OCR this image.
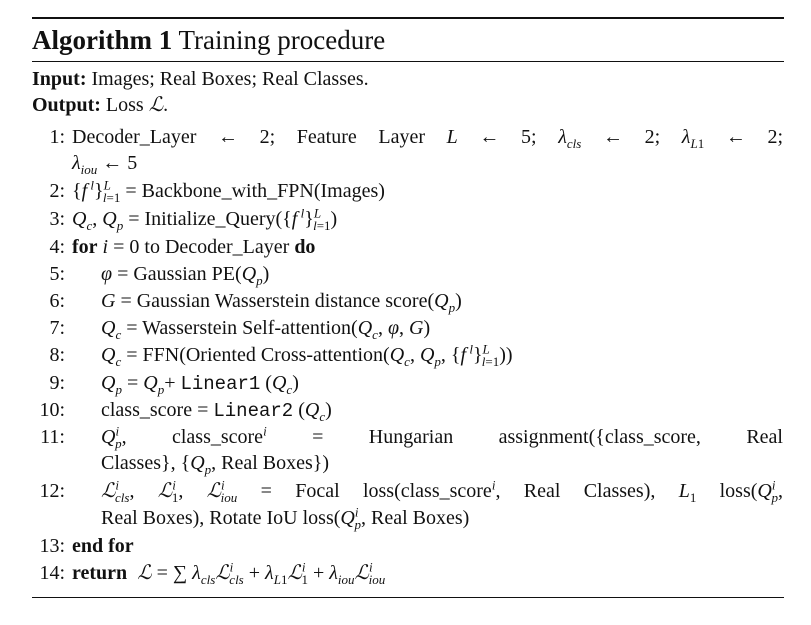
Algorithm 1 Training procedure
Input: Images; Real Boxes; Real Classes.
Output: Loss ℒ.
1: Decoder_Layer ← 2; Feature Layer L ← 5; $\lambda_{cls}$ ← 2; $\lambda_{L1}$ ← 2;
$\lambda_{iou}$ ← 5
2: {f $^l$}$^L_{l=1}$ = Backbone_with_FPN(Images)
3: $Q_c$, $Q_p$ = Initialize_Query({f $^l$}$^L_{l=1}$)
4: for i = 0 to Decoder_Layer do
5: φ = Gaussian $PE(Q_p)$
6: G = Gaussian Wasserstein distance $score(Q_p)$
7: $Q_c$ = Wasserstein Self-$attention(Q_c$, φ, G)
8: $Q_c$ = FFN(Oriented Cross-$attention(Q_c$, $Q_p$, {f $^l$}$^L_{l=1}$))
9: $Q_p = Q_p+$ Linear1 $(Q_c)$
10: class_score = Linear2 $(Q_c)$
11: $Q^i_p$, class_score$^i$ = Hungarian assignment({class_score, Real
Classes}, {$Q_p$, Real Boxes})
12: ℒ$^i_{cls}$, ℒ$^i_1$, ℒ$^i_{iou}$ = Focal loss(class_score$^i$, Real Classes), $L_1$ $loss(Q^i_p$,
Real Boxes), Rotate IoU $loss(Q^i_p$, Real Boxes)
13: end for
14: return ℒ = ∑ $\lambda_{cls}ℒ^i_{cls}$ + $\lambda_{L1}ℒ^i_1$ + $\lambda_{iou}ℒ^i_{iou}$
